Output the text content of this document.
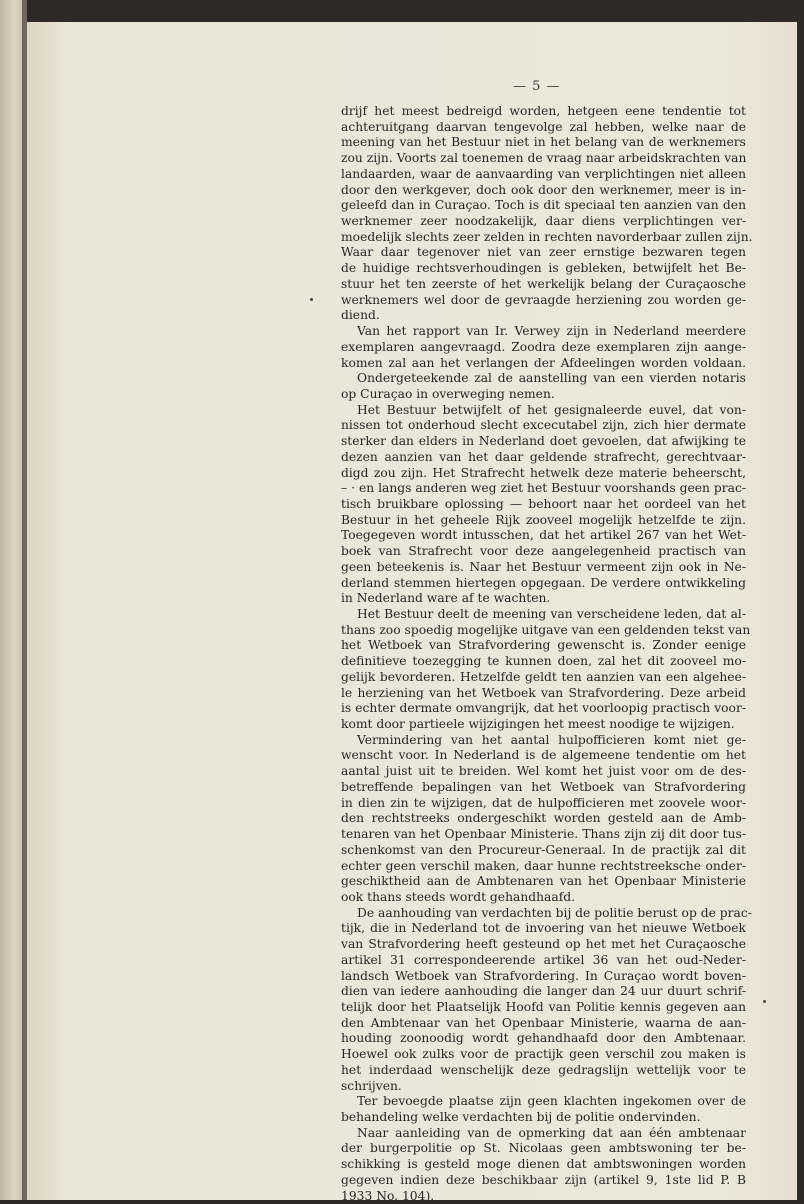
— 5 —
drijf het meest bedreigd worden, hetgeen eene tendentie tot
achteruitgang daarvan tengevolge zal hebben, welke naar de
meening van het Bestuur niet in het belang van de werknemers
zou zijn. Voorts zal toenemen de vraag naar arbeidskrachten van
landaarden, waar de aanvaarding van verplichtingen niet alleen
door den werkgever, doch ook door den werknemer, meer is in-
geleefd dan in Curaçao. Toch is dit speciaal ten aanzien van den
werknemer zeer noodzakelijk, daar diens verplichtingen ver-
moedelijk slechts zeer zelden in rechten navorderbaar zullen zijn.
Waar daar tegenover niet van zeer ernstige bezwaren tegen
de huidige rechtsverhoudingen is gebleken, betwijfelt het Be-
stuur het ten zeerste of het werkelijk belang der Curaçaosche
werknemers wel door de gevraagde herziening zou worden ge-
diend.
Van het rapport van Ir. Verwey zijn in Nederland meerdere
exemplaren aangevraagd. Zoodra deze exemplaren zijn aange-
komen zal aan het verlangen der Afdeelingen worden voldaan.
Ondergeteekende zal de aanstelling van een vierden notaris
op Curaçao in overweging nemen.
Het Bestuur betwijfelt of het gesignaleerde euvel, dat von-
nissen tot onderhoud slecht excecutabel zijn, zich hier dermate
sterker dan elders in Nederland doet gevoelen, dat afwijking te
dezen aanzien van het daar geldende strafrecht, gerechtvaar-
digd zou zijn. Het Strafrecht hetwelk deze materie beheerscht,
– · en langs anderen weg ziet het Bestuur voorshands geen prac-
tisch bruikbare oplossing — behoort naar het oordeel van het
Bestuur in het geheele Rijk zooveel mogelijk hetzelfde te zijn.
Toegegeven wordt intusschen, dat het artikel 267 van het Wet-
boek van Strafrecht voor deze aangelegenheid practisch van
geen beteekenis is. Naar het Bestuur vermeent zijn ook in Ne-
derland stemmen hiertegen opgegaan. De verdere ontwikkeling
in Nederland ware af te wachten.
Het Bestuur deelt de meening van verscheidene leden, dat al-
thans zoo spoedig mogelijke uitgave van een geldenden tekst van
het Wetboek van Strafvordering gewenscht is. Zonder eenige
definitieve toezegging te kunnen doen, zal het dit zooveel mo-
gelijk bevorderen. Hetzelfde geldt ten aanzien van een algehee-
le herziening van het Wetboek van Strafvordering. Deze arbeid
is echter dermate omvangrijk, dat het voorloopig practisch voor-
komt door partieele wijzigingen het meest noodige te wijzigen.
Vermindering van het aantal hulpofficieren komt niet ge-
wenscht voor. In Nederland is de algemeene tendentie om het
aantal juist uit te breiden. Wel komt het juist voor om de des-
betreffende bepalingen van het Wetboek van Strafvordering
in dien zin te wijzigen, dat de hulpofficieren met zoovele woor-
den rechtstreeks ondergeschikt worden gesteld aan de Amb-
tenaren van het Openbaar Ministerie. Thans zijn zij dit door tus-
schenkomst van den Procureur-Generaal. In de practijk zal dit
echter geen verschil maken, daar hunne rechtstreeksche onder-
geschiktheid aan de Ambtenaren van het Openbaar Ministerie
ook thans steeds wordt gehandhaafd.
De aanhouding van verdachten bij de politie berust op de prac-
tijk, die in Nederland tot de invoering van het nieuwe Wetboek
van Strafvordering heeft gesteund op het met het Curaçaosche
artikel 31 correspondeerende artikel 36 van het oud-Neder-
landsch Wetboek van Strafvordering. In Curaçao wordt boven-
dien van iedere aanhouding die langer dan 24 uur duurt schrif-
telijk door het Plaatselijk Hoofd van Politie kennis gegeven aan
den Ambtenaar van het Openbaar Ministerie, waarna de aan-
houding zoonoodig wordt gehandhaafd door den Ambtenaar.
Hoewel ook zulks voor de practijk geen verschil zou maken is
het inderdaad wenschelijk deze gedragslijn wettelijk voor te
schrijven.
Ter bevoegde plaatse zijn geen klachten ingekomen over de
behandeling welke verdachten bij de politie ondervinden.
Naar aanleiding van de opmerking dat aan één ambtenaar
der burgerpolitie op St. Nicolaas geen ambtswoning ter be-
schikking is gesteld moge dienen dat ambtswoningen worden
gegeven indien deze beschikbaar zijn (artikel 9, 1ste lid P. B
1933 No. 104).
